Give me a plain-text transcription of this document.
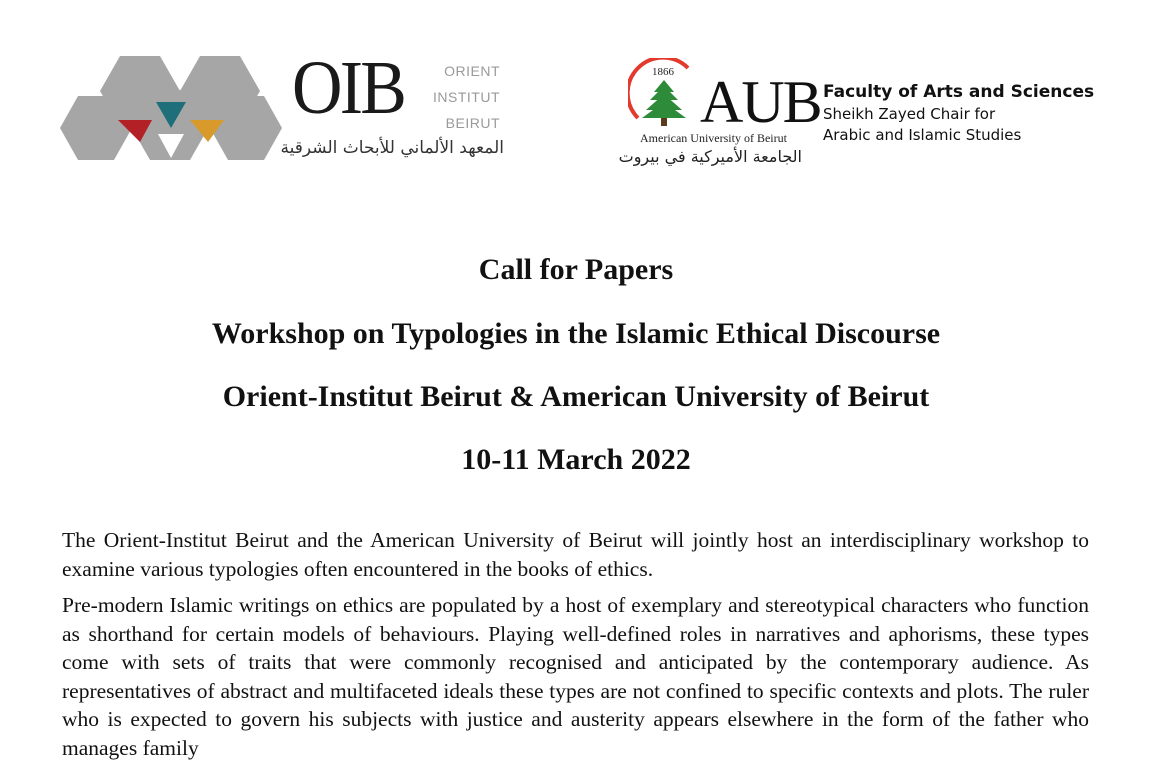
OIB	ORIENT
INSTITUT
BEIRUT
المعهد الألماني للأبحاث الشرقية
1866 AUB
American University of Beirut
الجامعة الأميركية في بيروت
Faculty of Arts and Sciences
Sheikh Zayed Chair for
Arabic and Islamic Studies
Call for Papers
Workshop on Typologies in the Islamic Ethical Discourse
Orient-Institut Beirut & American University of Beirut
10-11 March 2022

The Orient-Institut Beirut and the American University of Beirut will jointly host an interdisciplinary workshop to examine various typologies often encountered in the books of ethics.

Pre-modern Islamic writings on ethics are populated by a host of exemplary and stereotypical characters who function as shorthand for certain models of behaviours. Playing well-defined roles in narratives and aphorisms, these types come with sets of traits that were commonly recognised and anticipated by the contemporary audience. As representatives of abstract and multifaceted ideals these types are not confined to specific contexts and plots. The ruler who is expected to govern his subjects with justice and austerity appears elsewhere in the form of the father who manages family
